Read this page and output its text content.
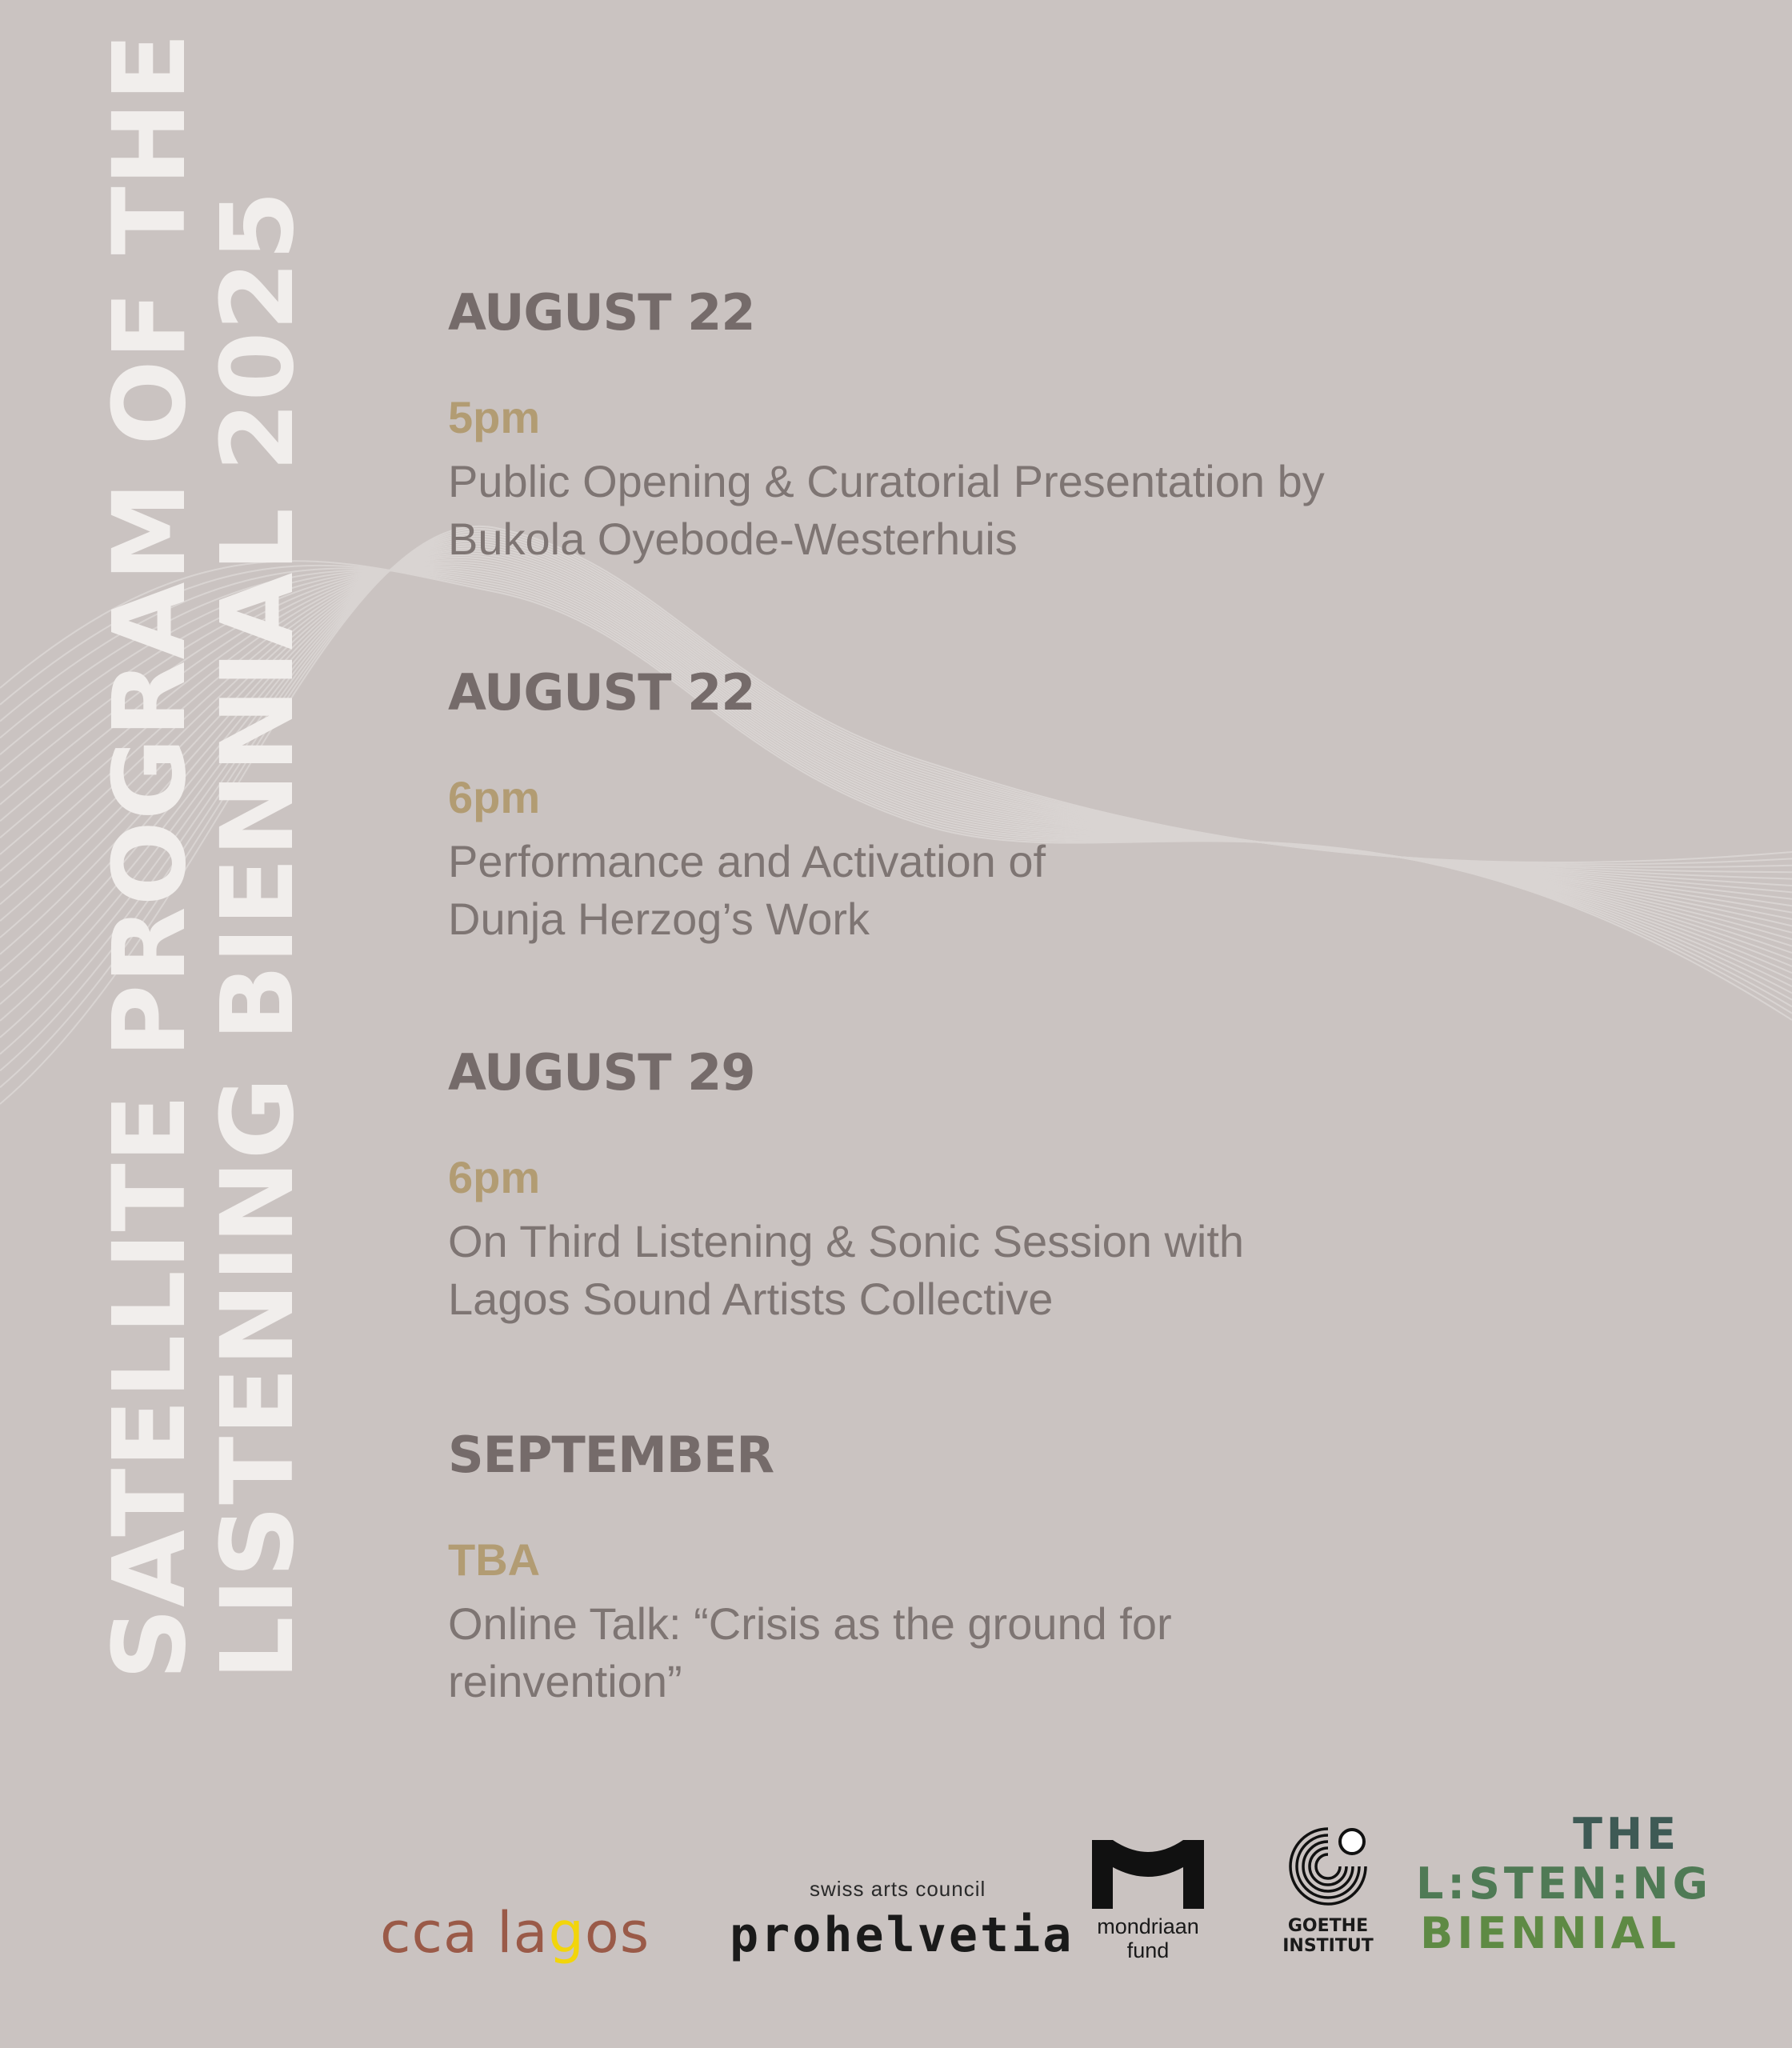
SATELLITE PROGRAM OF THE
LISTENING BIENNIAL 2025	AUGUST 22
5pm
Public Opening & Curatorial Presentation by
Bukola Oyebode-Westerhuis
AUGUST 22
6pm
Performance and Activation of
Dunja Herzog’s Work
AUGUST 29
6pm
On Third Listening & Sonic Session with
Lagos Sound Artists Collective
SEPTEMBER
TBA
Online Talk: “Crisis as the ground for
reinvention”
cca lagos
swiss arts council
prohelvetia	mondriaan
fund
GOETHE
INSTITUT
THE
L:STEN:NG
BIENNIAL
